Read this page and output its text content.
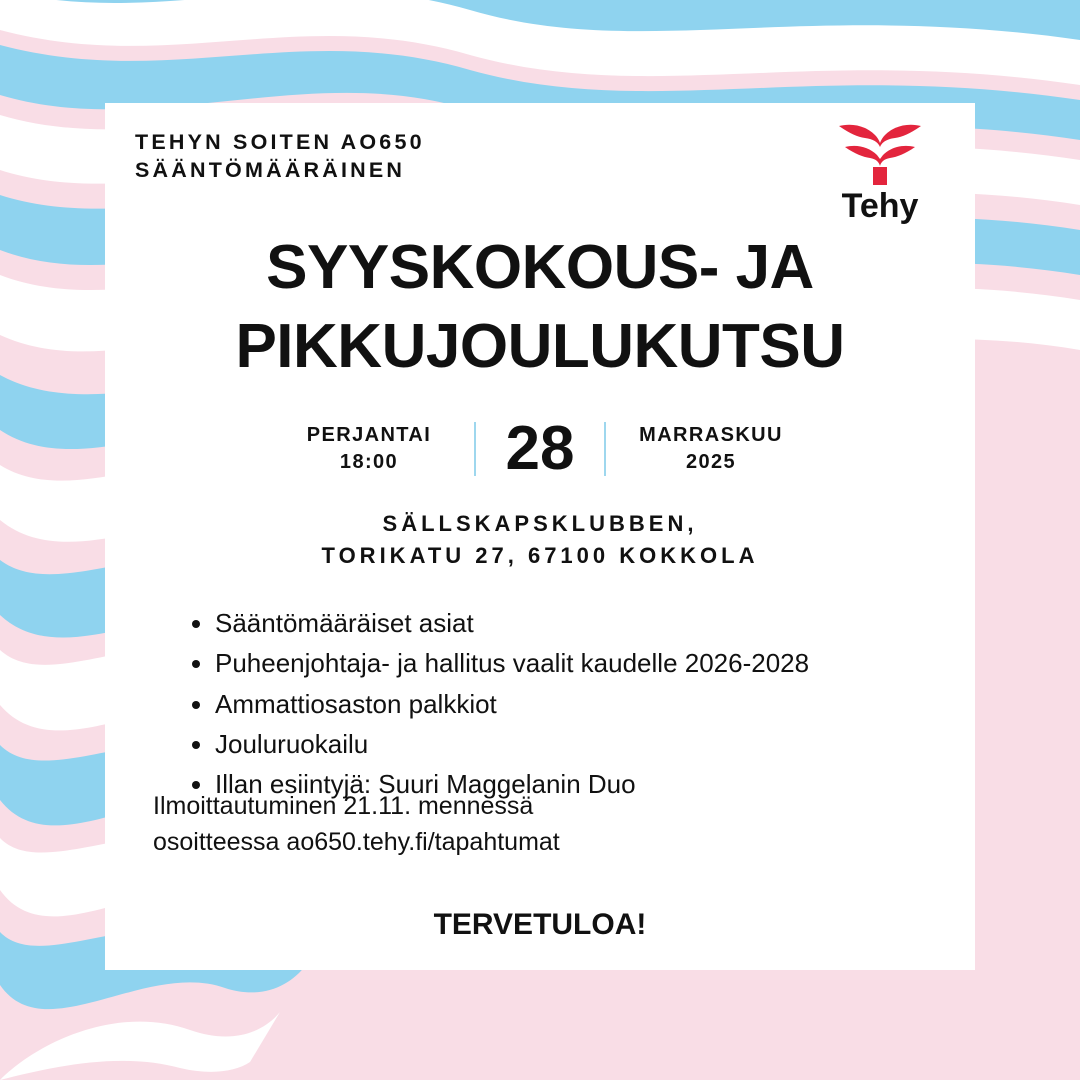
TEHYN SOITEN AO650
SÄÄNTÖMÄÄRÄINEN
Tehy
SYYSKOKOUS- JA
PIKKUJOULUKUTSU
PERJANTAI
18:00	28	MARRASKUU
2025
SÄLLSKAPSKLUBBEN,
TORIKATU 27, 67100 KOKKOLA
• Sääntömääräiset asiat
• Puheenjohtaja- ja hallitus vaalit kaudelle 2026-2028
• Ammattiosaston palkkiot
• Jouluruokailu
• Illan esiintyjä: Suuri Maggelanin Duo
Ilmoittautuminen 21.11. mennessä
osoitteessa ao650.tehy.fi/tapahtumat
TERVETULOA!
